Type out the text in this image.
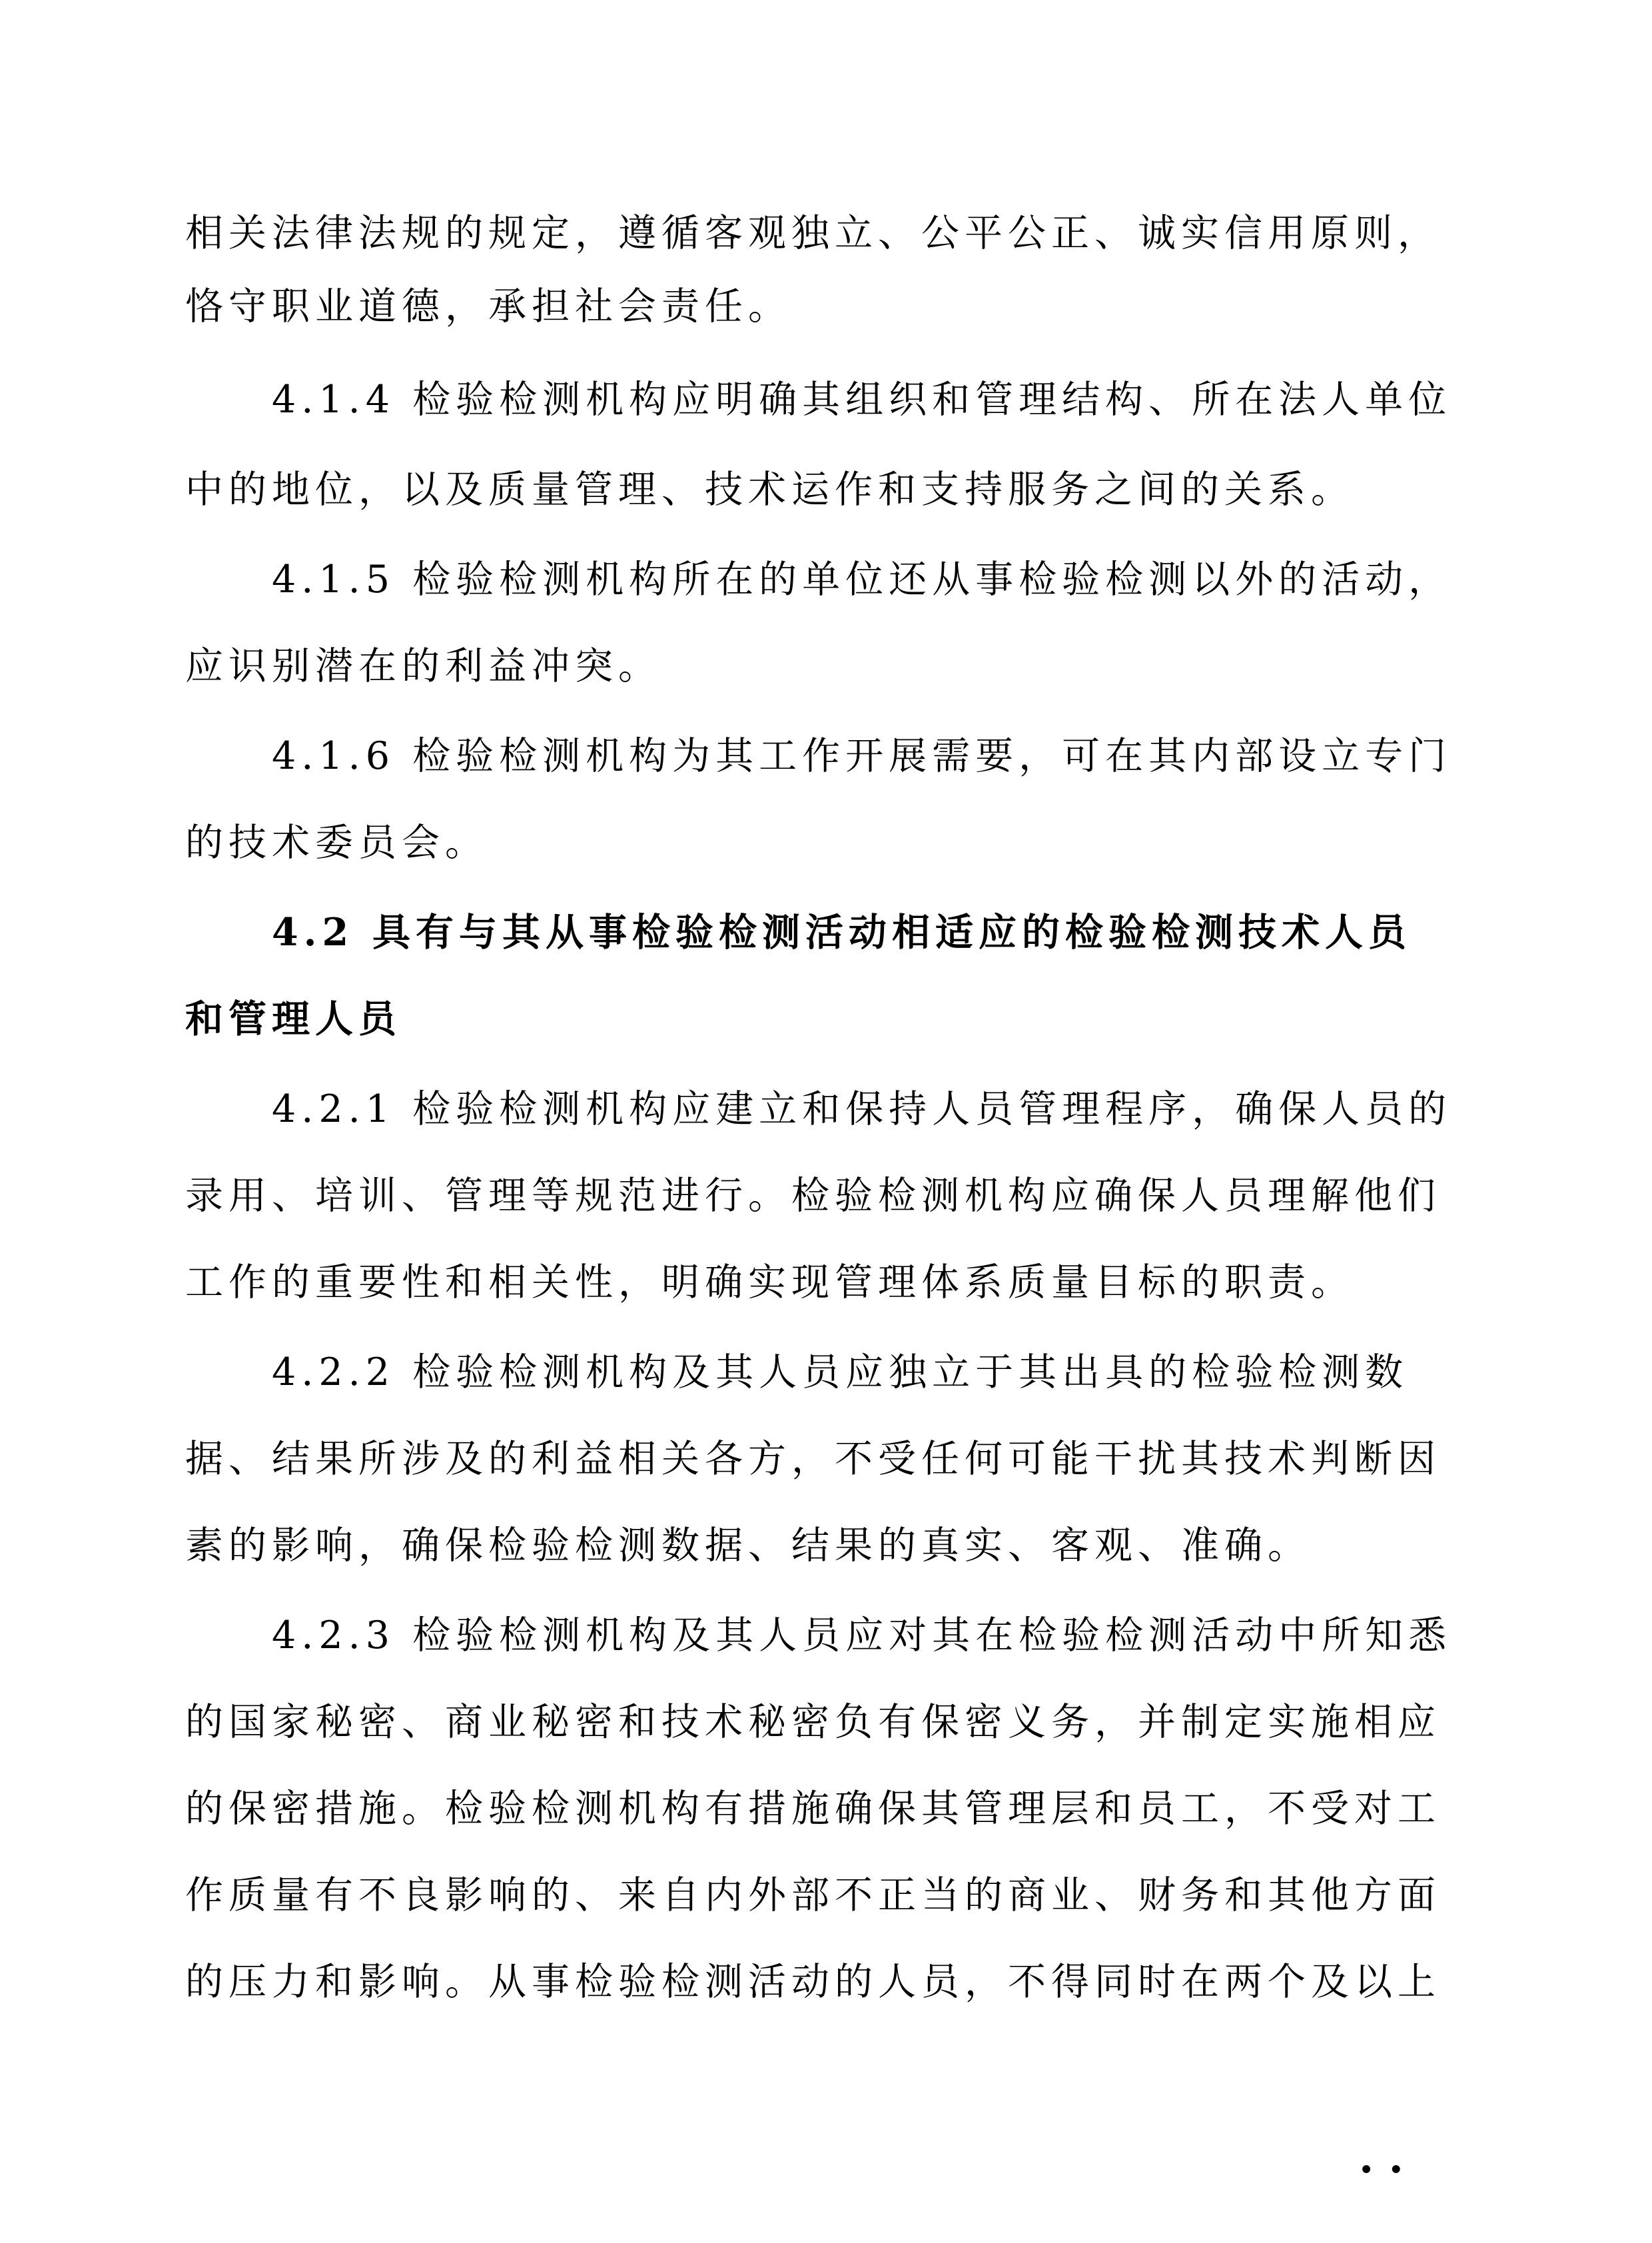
相关法律法规的规定，遵循客观独立、公平公正、诚实信用原则，
恪守职业道德，承担社会责任。
4.1.4 检验检测机构应明确其组织和管理结构、所在法人单位
中的地位，以及质量管理、技术运作和支持服务之间的关系。
4.1.5 检验检测机构所在的单位还从事检验检测以外的活动，
应识别潜在的利益冲突。
4.1.6 检验检测机构为其工作开展需要，可在其内部设立专门
的技术委员会。
4.2 具有与其从事检验检测活动相适应的检验检测技术人员
和管理人员
4.2.1 检验检测机构应建立和保持人员管理程序，确保人员的
录用、培训、管理等规范进行。检验检测机构应确保人员理解他们
工作的重要性和相关性，明确实现管理体系质量目标的职责。
4.2.2 检验检测机构及其人员应独立于其出具的检验检测数
据、结果所涉及的利益相关各方，不受任何可能干扰其技术判断因
素的影响，确保检验检测数据、结果的真实、客观、准确。
4.2.3 检验检测机构及其人员应对其在检验检测活动中所知悉
的国家秘密、商业秘密和技术秘密负有保密义务，并制定实施相应
的保密措施。检验检测机构有措施确保其管理层和员工，不受对工
作质量有不良影响的、来自内外部不正当的商业、财务和其他方面
的压力和影响。从事检验检测活动的人员，不得同时在两个及以上
. .
